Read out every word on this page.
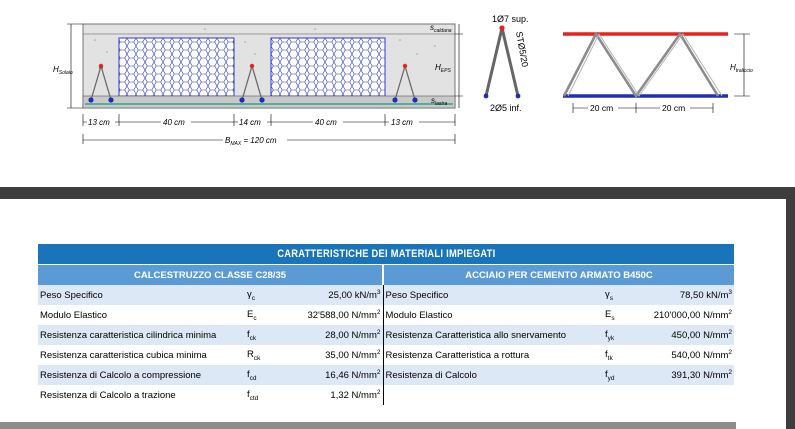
$H_{Solaio}$
$s_{caldana}$
$H_{EPS}$
$s_{lastra}$
13 cm	40 cm	14 cm	40 cm	13 cm
$B_{MAX} = 120$ cm
1Ø7 sup.
STØ5/20
2Ø5 inf.
$H_{traliccio}$
20 cm	20 cm
CARATTERISTICHE DEI MATERIALI IMPIEGATI					
CALCESTRUZZO CLASSE C28/35			ACCIAIO PER CEMENTO ARMATO B450C		
Peso Specifico	$\gamma_c$	25,00 $kN/m^3$	Peso Specifico	$\gamma_s$	78,50 $kN/m^3$
Modulo Elastico	$E_c$	32'588,00 $N/mm^2$	Modulo Elastico	$E_s$	210'000,00 $N/mm^2$
Resistenza caratteristica cilindrica minima	$f_{ck}$	28,00 $N/mm^2$	Resistenza Caratteristica allo snervamento	$f_{yk}$	450,00 $N/mm^2$
Resistenza caratteristica cubica minima	$R_{ck}$	35,00 $N/mm^2$	Resistenza Caratteristica a rottura	$f_{tk}$	540,00 $N/mm^2$
Resistenza di Calcolo a compressione	$f_{cd}$	16,46 $N/mm^2$	Resistenza di Calcolo	$f_{yd}$	391,30 $N/mm^2$
Resistenza di Calcolo a trazione	$f_{ctd}$	1,32 $N/mm^2$			
